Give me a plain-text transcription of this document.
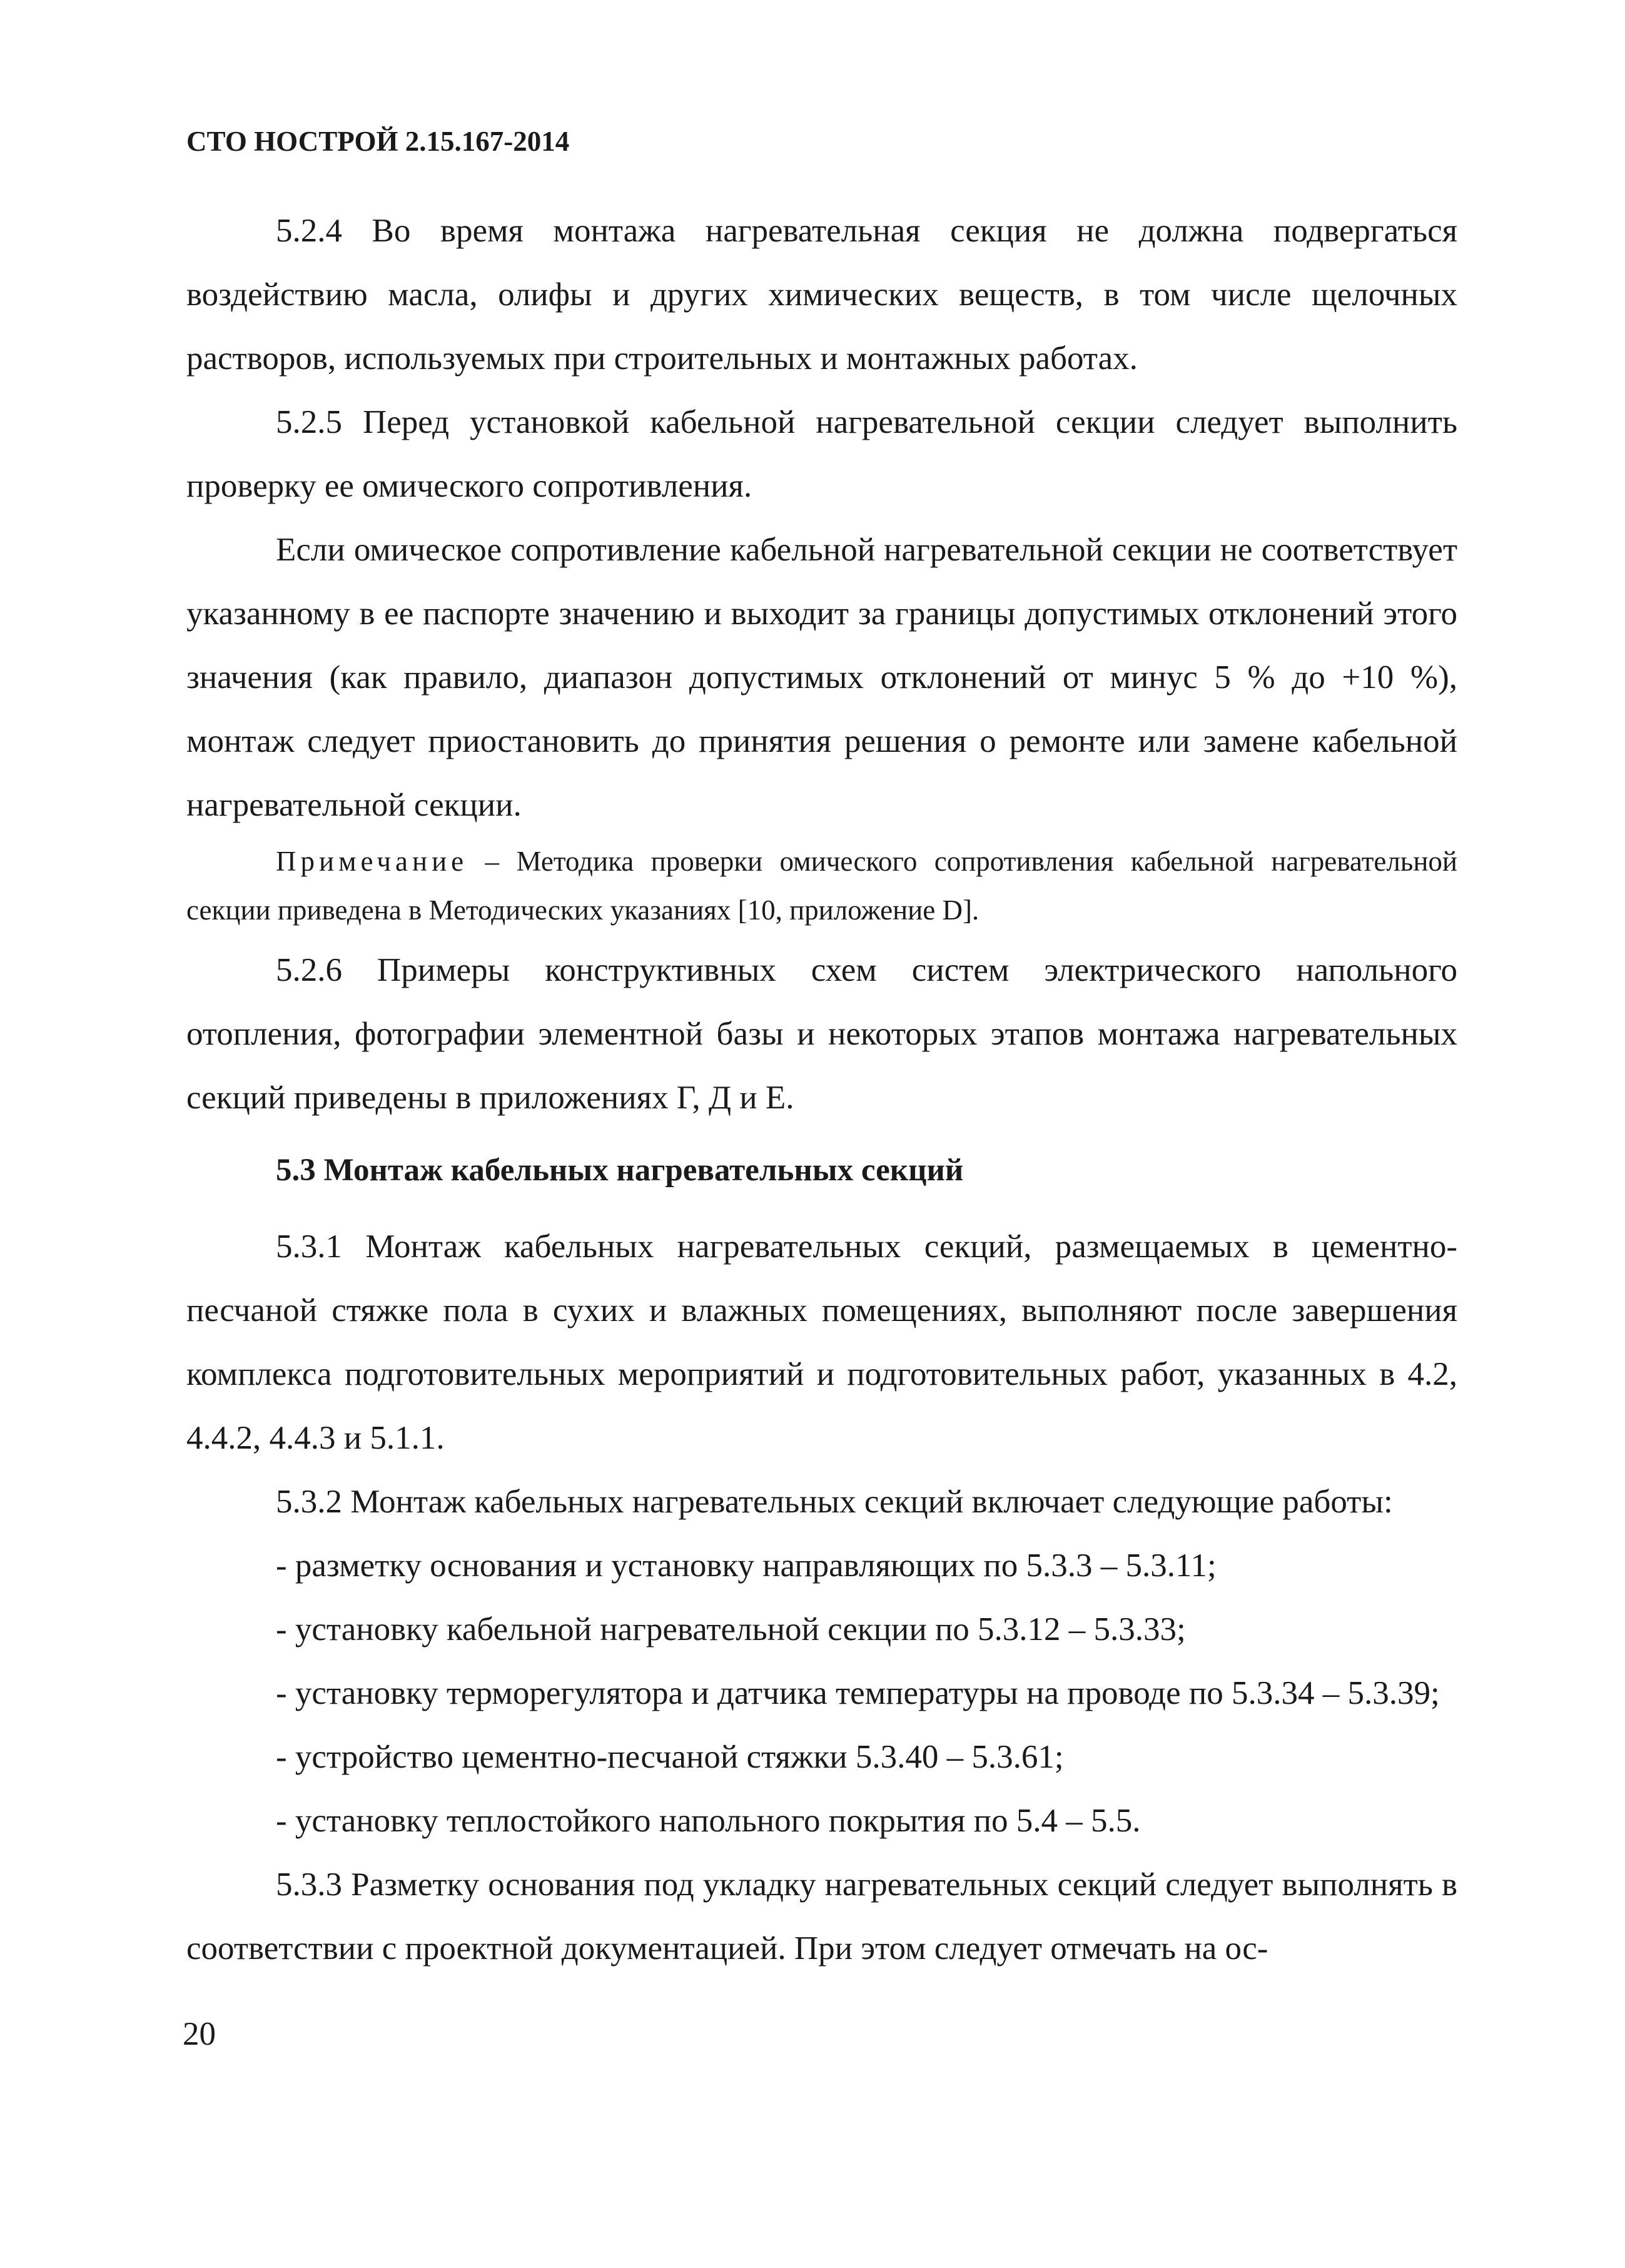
СТО НОСТРОЙ 2.15.167-2014

5.2.4 Во время монтажа нагревательная секция не должна подвергаться воздействию масла, олифы и других химических веществ, в том числе щелочных растворов, используемых при строительных и монтажных работах.

5.2.5 Перед установкой кабельной нагревательной секции следует выполнить проверку ее омического сопротивления.

Если омическое сопротивление кабельной нагревательной секции не соответствует указанному в ее паспорте значению и выходит за границы допустимых отклонений этого значения (как правило, диапазон допустимых отклонений от минус 5 % до +10 %), монтаж следует приостановить до принятия решения о ремонте или замене кабельной нагревательной секции.

Примечание – Методика проверки омического сопротивления кабельной нагревательной секции приведена в Методических указаниях [10, приложение D].

5.2.6 Примеры конструктивных схем систем электрического напольного отопления, фотографии элементной базы и некоторых этапов монтажа нагревательных секций приведены в приложениях Г, Д и Е.

5.3 Монтаж кабельных нагревательных секций

5.3.1 Монтаж кабельных нагревательных секций, размещаемых в цементно-песчаной стяжке пола в сухих и влажных помещениях, выполняют после завершения комплекса подготовительных мероприятий и подготовительных работ, указанных в 4.2, 4.4.2, 4.4.3 и 5.1.1.

5.3.2 Монтаж кабельных нагревательных секций включает следующие работы:

- разметку основания и установку направляющих по 5.3.3 – 5.3.11;

- установку кабельной нагревательной секции по 5.3.12 – 5.3.33;

- установку терморегулятора и датчика температуры на проводе по 5.3.34 – 5.3.39;

- устройство цементно-песчаной стяжки 5.3.40 – 5.3.61;

- установку теплостойкого напольного покрытия по 5.4 – 5.5.

5.3.3 Разметку основания под укладку нагревательных секций следует выполнять в соответствии с проектной документацией. При этом следует отмечать на ос-

20
